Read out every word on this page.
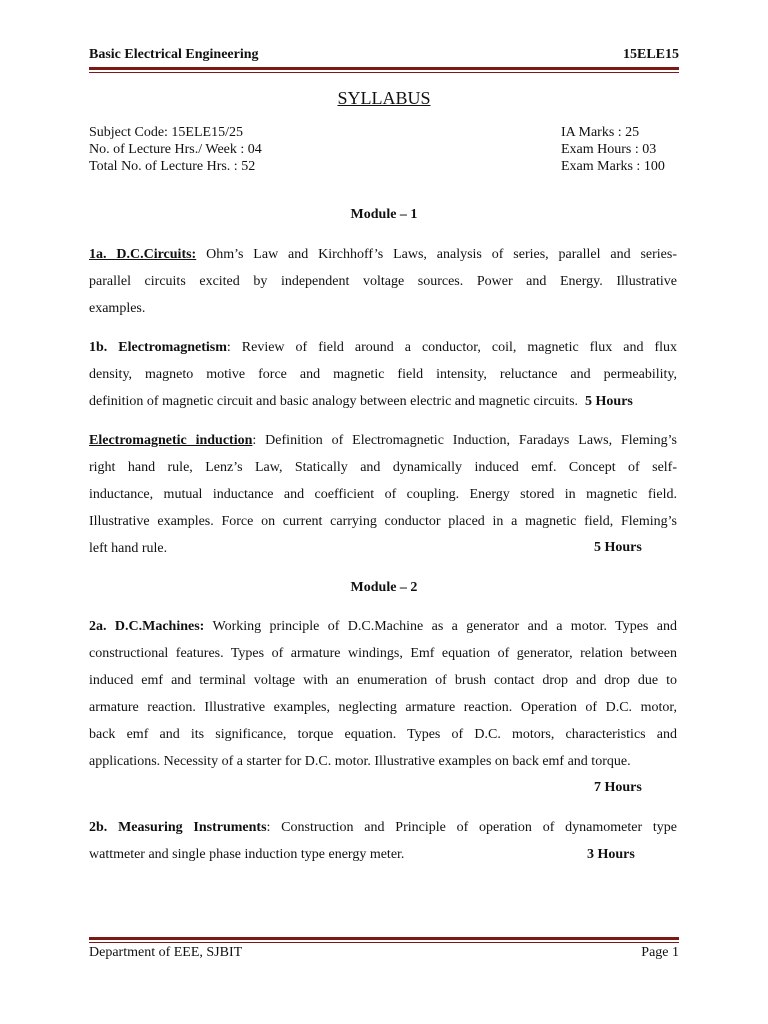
Basic Electrical Engineering	15ELE15
SYLLABUS
Subject Code: 15ELE15/25	IA Marks : 25
No. of Lecture Hrs./ Week : 04	Exam Hours : 03
Total No. of Lecture Hrs. : 52	Exam Marks : 100
Module – 1
1a. D.C.Circuits: Ohm’s Law and Kirchhoff’s Laws, analysis of series, parallel and series-
parallel circuits excited by independent voltage sources. Power and Energy. Illustrative
examples.
1b. Electromagnetism: Review of field around a conductor, coil, magnetic flux and flux
density, magneto motive force and magnetic field intensity, reluctance and permeability,
definition of magnetic circuit and basic analogy between electric and magnetic circuits. 5 Hours
Electromagnetic induction: Definition of Electromagnetic Induction, Faradays Laws, Fleming’s
right hand rule, Lenz’s Law, Statically and dynamically induced emf. Concept of self-
inductance, mutual inductance and coefficient of coupling. Energy stored in magnetic field.
Illustrative examples. Force on current carrying conductor placed in a magnetic field, Fleming’s
left hand rule.	5 Hours
Module – 2
2a. D.C.Machines: Working principle of D.C.Machine as a generator and a motor. Types and
constructional features. Types of armature windings, Emf equation of generator, relation between
induced emf and terminal voltage with an enumeration of brush contact drop and drop due to
armature reaction. Illustrative examples, neglecting armature reaction. Operation of D.C. motor,
back emf and its significance, torque equation. Types of D.C. motors, characteristics and
applications. Necessity of a starter for D.C. motor. Illustrative examples on back emf and torque.
7 Hours
2b. Measuring Instruments: Construction and Principle of operation of dynamometer type
wattmeter and single phase induction type energy meter.	3 Hours
Department of EEE, SJBIT	Page 1
